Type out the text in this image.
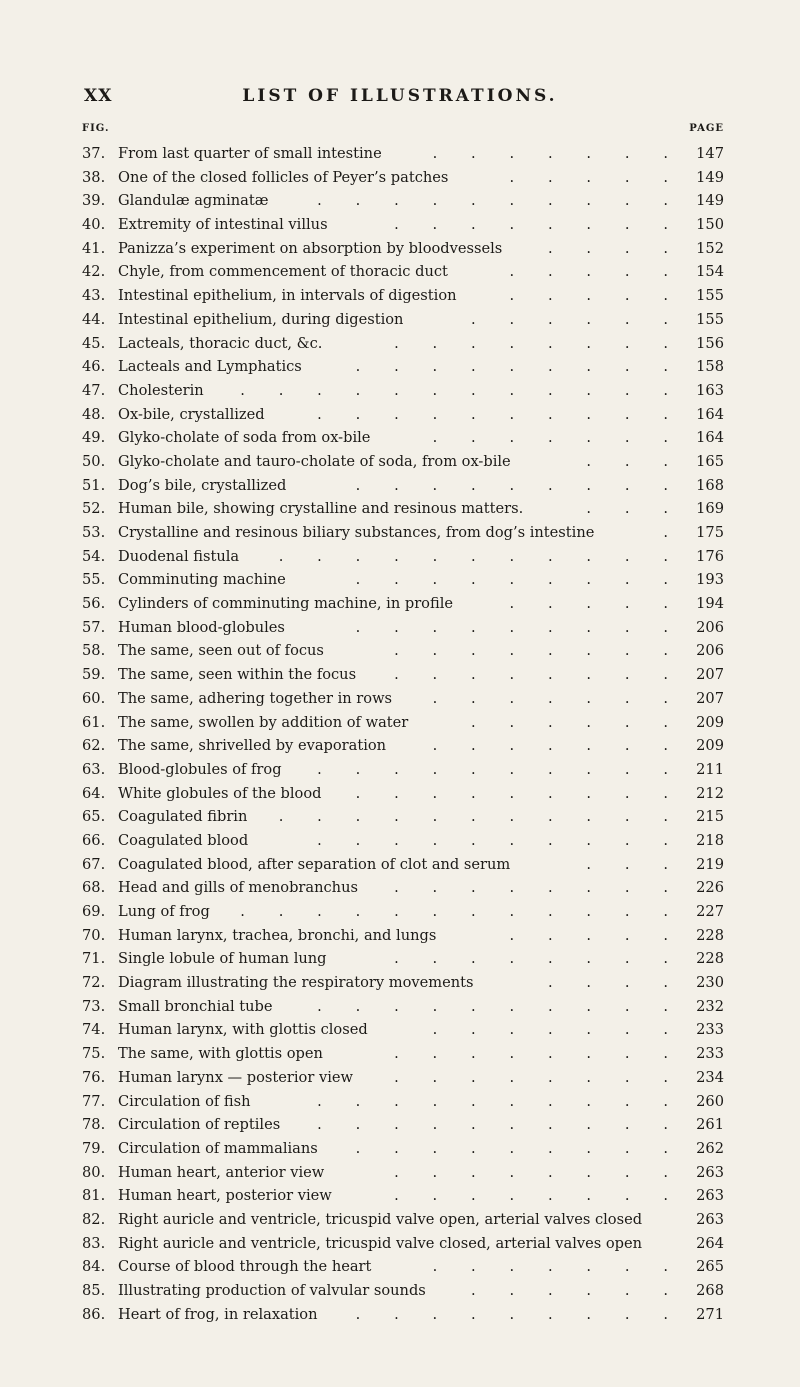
XX	LIST OF ILLUSTRATIONS.
FIG.	PAGE
37. From last quarter of small intestine	.   .   .   .   .   .   .	147
38. One of the closed follicles of Peyer’s patches	.   .   .   .   .	149
39. Glandulæ agminatæ	.   .   .   .   .   .   .   .   .   .	149
40. Extremity of intestinal villus	.   .   .   .   .   .   .   .	150
41. Panizza’s experiment on absorption by bloodvessels	.   .   .   .	152
42. Chyle, from commencement of thoracic duct	.   .   .   .   .	154
43. Intestinal epithelium, in intervals of digestion	.   .   .   .   .	155
44. Intestinal epithelium, during digestion	.   .   .   .   .   .	155
45. Lacteals, thoracic duct, &c.	.   .   .   .   .   .   .   .	156
46. Lacteals and Lymphatics	.   .   .   .   .   .   .   .   .	158
47. Cholesterin	.   .   .   .   .   .   .   .   .   .   .   .	163
48. Ox-bile, crystallized	.   .   .   .   .   .   .   .   .   .	164
49. Glyko-cholate of soda from ox-bile	.   .   .   .   .   .   .	164
50. Glyko-cholate and tauro-cholate of soda, from ox-bile	.   .   .	165
51. Dog’s bile, crystallized	.   .   .   .   .   .   .   .   .	168
52. Human bile, showing crystalline and resinous matters.	.   .   .	169
53. Crystalline and resinous biliary substances, from dog’s intestine	.	175
54. Duodenal fistula	.   .   .   .   .   .   .   .   .   .   .	176
55. Comminuting machine	.   .   .   .   .   .   .   .   .	193
56. Cylinders of comminuting machine, in profile	.   .   .   .   .	194
57. Human blood-globules	.   .   .   .   .   .   .   .   .	206
58. The same, seen out of focus	.   .   .   .   .   .   .   .	206
59. The same, seen within the focus	.   .   .   .   .   .   .   .	207
60. The same, adhering together in rows	.   .   .   .   .   .   .	207
61. The same, swollen by addition of water	.   .   .   .   .   .	209
62. The same, shrivelled by evaporation	.   .   .   .   .   .   .	209
63. Blood-globules of frog	.   .   .   .   .   .   .   .   .   .	211
64. White globules of the blood	.   .   .   .   .   .   .   .   .	212
65. Coagulated fibrin	.   .   .   .   .   .   .   .   .   .   .	215
66. Coagulated blood	.   .   .   .   .   .   .   .   .   .	218
67. Coagulated blood, after separation of clot and serum	.   .   .	219
68. Head and gills of menobranchus	.   .   .   .   .   .   .   .	226
69. Lung of frog	.   .   .   .   .   .   .   .   .   .   .   .	227
70. Human larynx, trachea, bronchi, and lungs	.   .   .   .   .	228
71. Single lobule of human lung	.   .   .   .   .   .   .   .	228
72. Diagram illustrating the respiratory movements	.   .   .   .	230
73. Small bronchial tube	.   .   .   .   .   .   .   .   .   .	232
74. Human larynx, with glottis closed	.   .   .   .   .   .   .	233
75. The same, with glottis open	.   .   .   .   .   .   .   .	233
76. Human larynx — posterior view	.   .   .   .   .   .   .   .	234
77. Circulation of fish	.   .   .   .   .   .   .   .   .   .	260
78. Circulation of reptiles	.   .   .   .   .   .   .   .   .   .	261
79. Circulation of mammalians	.   .   .   .   .   .   .   .   .	262
80. Human heart, anterior view	.   .   .   .   .   .   .   .	263
81. Human heart, posterior view	.   .   .   .   .   .   .   .	263
82. Right auricle and ventricle, tricuspid valve open, arterial valves closed	263
83. Right auricle and ventricle, tricuspid valve closed, arterial valves open	264
84. Course of blood through the heart	.   .   .   .   .   .   .	265
85. Illustrating production of valvular sounds	.   .   .   .   .   .	268
86. Heart of frog, in relaxation	.   .   .   .   .   .   .   .   .	271
